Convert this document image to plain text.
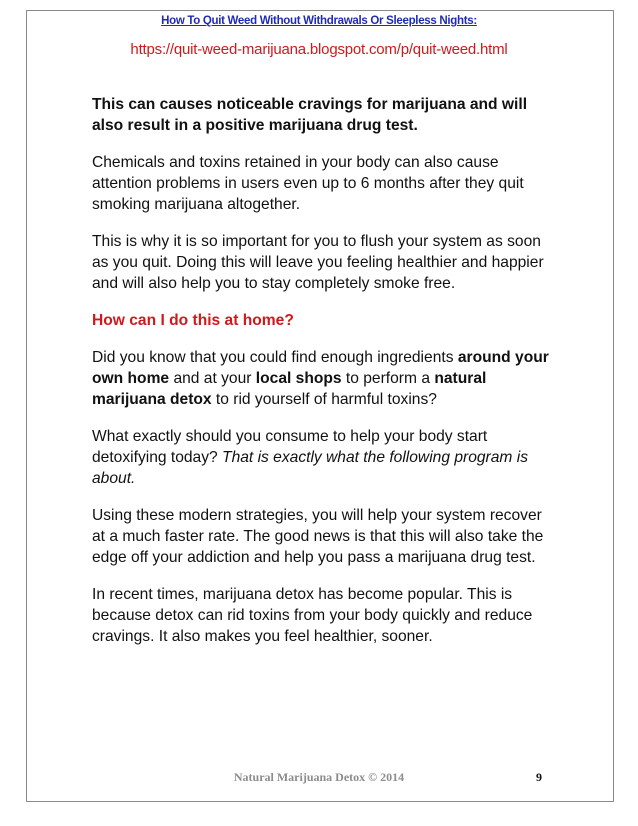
How To Quit Weed Without Withdrawals Or Sleepless Nights:
https://quit-weed-marijuana.blogspot.com/p/quit-weed.html

This can causes noticeable cravings for marijuana and will also result in a positive marijuana drug test.

Chemicals and toxins retained in your body can also cause attention problems in users even up to 6 months after they quit smoking marijuana altogether.

This is why it is so important for you to flush your system as soon as you quit. Doing this will leave you feeling healthier and happier and will also help you to stay completely smoke free.

How can I do this at home?

Did you know that you could find enough ingredients around your own home and at your local shops to perform a natural marijuana detox to rid yourself of harmful toxins?

What exactly should you consume to help your body start detoxifying today? That is exactly what the following program is about.

Using these modern strategies, you will help your system recover at a much faster rate. The good news is that this will also take the edge off your addiction and help you pass a marijuana drug test.

In recent times, marijuana detox has become popular. This is because detox can rid toxins from your body quickly and reduce cravings. It also makes you feel healthier, sooner.

Natural Marijuana Detox © 2014	9
